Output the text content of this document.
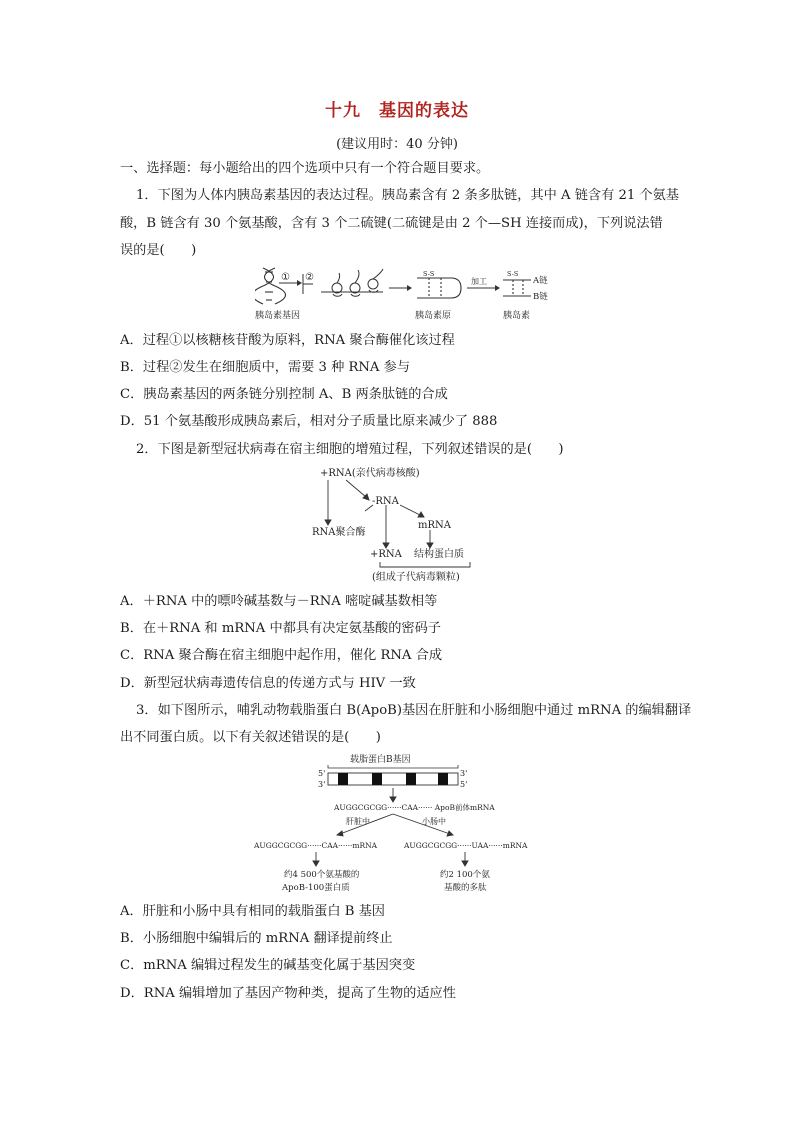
十九　基因的表达
(建议用时：40 分钟)
一、选择题：每小题给出的四个选项中只有一个符合题目要求。
1．下图为人体内胰岛素基因的表达过程。胰岛素含有 2 条多肽链，其中 A 链含有 21 个氨基
酸，B 链含有 30 个氨基酸，含有 3 个二硫键(二硫键是由 2 个—SH 连接而成)，下列说法错
误的是(　　)
① ②	S-S
加工
S-S
A链
B链
胰岛素基因	胰岛素原	胰岛素
A．过程①以核糖核苷酸为原料，RNA 聚合酶催化该过程
B．过程②发生在细胞质中，需要 3 种 RNA 参与
C．胰岛素基因的两条链分别控制 A、B 两条肽链的合成
D．51 个氨基酸形成胰岛素后，相对分子质量比原来减少了 888
2．下图是新型冠状病毒在宿主细胞的增殖过程，下列叙述错误的是(　　)
+RNA(亲代病毒核酸)
-RNA
RNA聚合酶
mRNA
+RNA 结构蛋白质
(组成子代病毒颗粒)
A．＋RNA 中的嘌呤碱基数与－RNA 嘧啶碱基数相等
B．在＋RNA 和 mRNA 中都具有决定氨基酸的密码子
C．RNA 聚合酶在宿主细胞中起作用，催化 RNA 合成
D．新型冠状病毒遗传信息的传递方式与 HIV 一致
3．如下图所示，哺乳动物载脂蛋白 B(ApoB)基因在肝脏和小肠细胞中通过 mRNA 的编辑翻译
出不同蛋白质。以下有关叙述错误的是(　　)
载脂蛋白B基因
5'
3'
3'
5'
AUGGCGCGG······CAA······ ApoB前体mRNA
肝脏中	小肠中
AUGGCGCGG······CAA······mRNA	AUGGCGCGG······UAA······mRNA
约4 500个氨基酸的
ApoB-100蛋白质
约2 100个氨
基酸的多肽
A．肝脏和小肠中具有相同的载脂蛋白 B 基因
B．小肠细胞中编辑后的 mRNA 翻译提前终止
C．mRNA 编辑过程发生的碱基变化属于基因突变
D．RNA 编辑增加了基因产物种类，提高了生物的适应性
